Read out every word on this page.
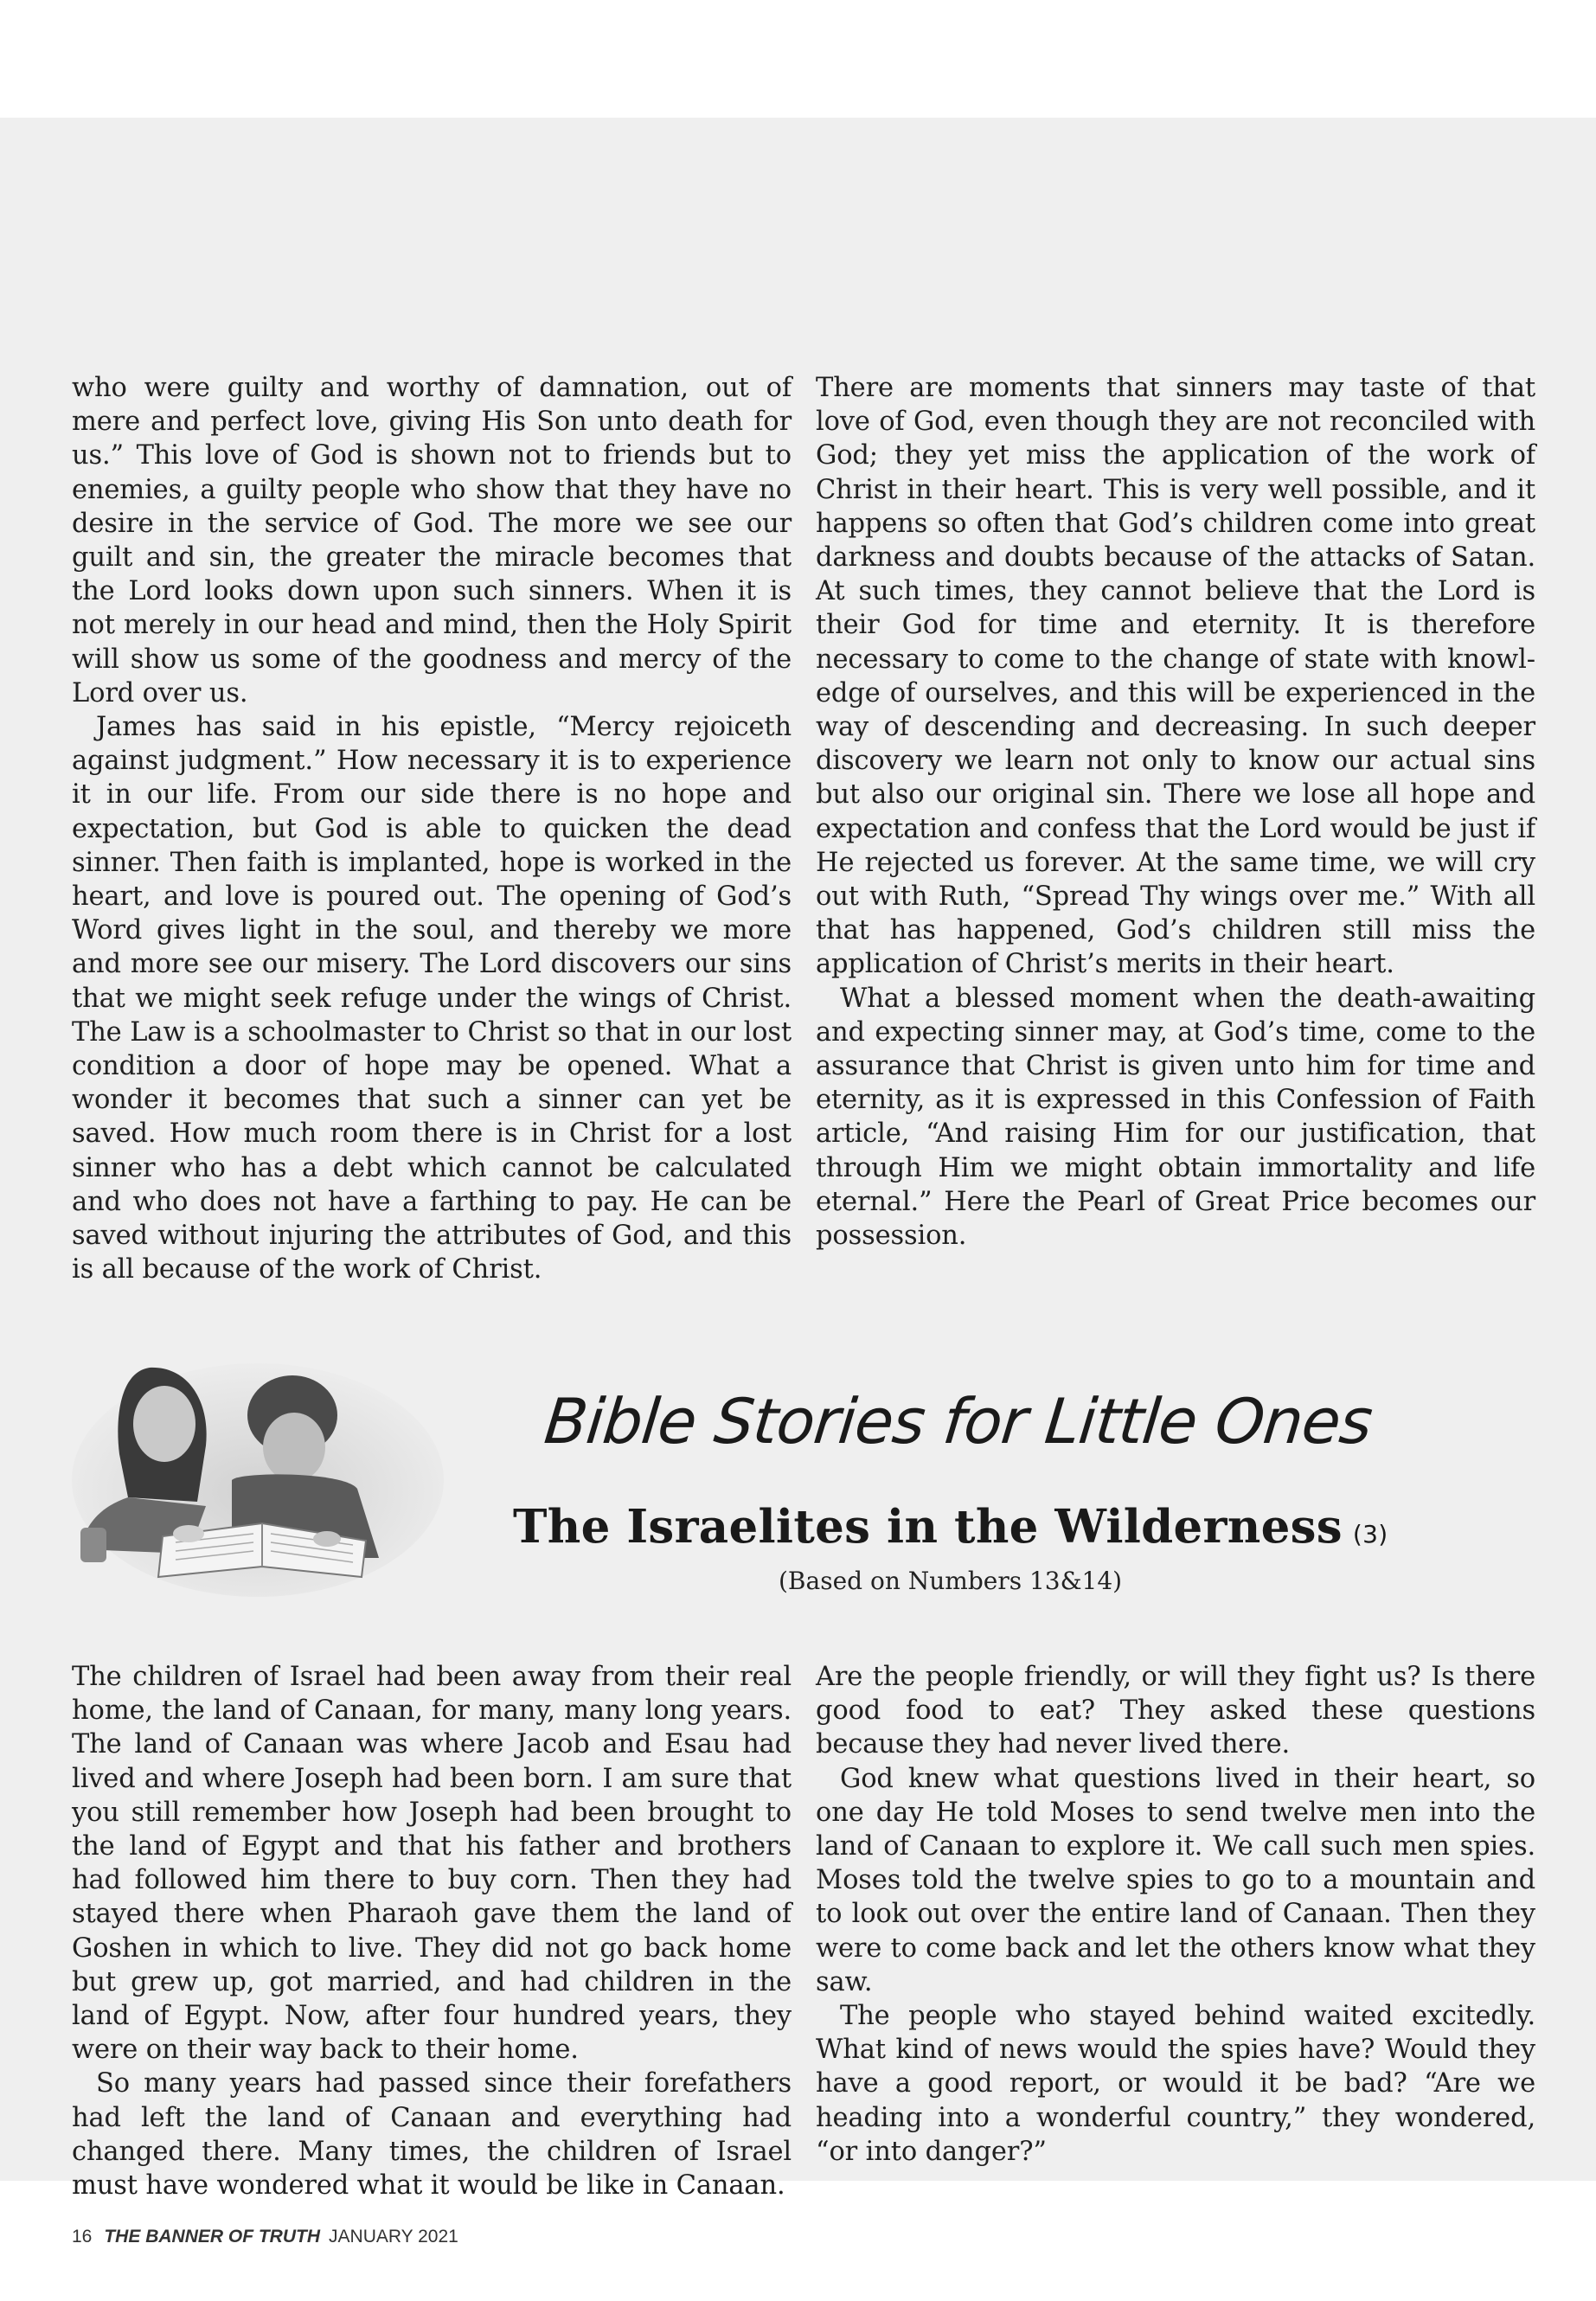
who were guilty and worthy of damnation, out of mere and perfect love, giving His Son unto death for us.” This love of God is shown not to friends but to enemies, a guilty people who show that they have no desire in the service of God. The more we see our guilt and sin, the greater the miracle becomes that the Lord looks down upon such sinners. When it is not merely in our head and mind, then the Holy Spirit will show us some of the goodness and mercy of the Lord over us.

James has said in his epistle, “Mercy rejoiceth against judgment.” How necessary it is to experience it in our life. From our side there is no hope and expectation, but God is able to quicken the dead sinner. Then faith is implanted, hope is worked in the heart, and love is poured out. The opening of God’s Word gives light in the soul, and thereby we more and more see our misery. The Lord discovers our sins that we might seek refuge under the wings of Christ. The Law is a schoolmaster to Christ so that in our lost condition a door of hope may be opened. What a wonder it becomes that such a sinner can yet be saved. How much room there is in Christ for a lost sinner who has a debt which cannot be calculated and who does not have a farthing to pay. He can be saved without injuring the attributes of God, and this is all because of the work of Christ.

There are moments that sinners may taste of that love of God, even though they are not reconciled with God; they yet miss the application of the work of Christ in their heart. This is very well possible, and it happens so often that God’s children come into great darkness and doubts because of the attacks of Satan. At such times, they cannot believe that the Lord is their God for time and eternity. It is therefore necessary to come to the change of state with knowledge of ourselves, and this will be experienced in the way of descending and decreasing. In such deeper discovery we learn not only to know our actual sins but also our original sin. There we lose all hope and expectation and confess that the Lord would be just if He rejected us forever. At the same time, we will cry out with Ruth, “Spread Thy wings over me.” With all that has happened, God’s children still miss the application of Christ’s merits in their heart.

What a blessed moment when the death-awaiting and expecting sinner may, at God’s time, come to the assurance that Christ is given unto him for time and eternity, as it is expressed in this Confession of Faith article, “And raising Him for our justification, that through Him we might obtain immortality and life eternal.” Here the Pearl of Great Price becomes our possession.

Bible Stories for Little Ones
The Israelites in the Wilderness (3)
(Based on Numbers 13&14)

The children of Israel had been away from their real home, the land of Canaan, for many, many long years. The land of Canaan was where Jacob and Esau had lived and where Joseph had been born. I am sure that you still remember how Joseph had been brought to the land of Egypt and that his father and brothers had followed him there to buy corn. Then they had stayed there when Pharaoh gave them the land of Goshen in which to live. They did not go back home but grew up, got married, and had children in the land of Egypt. Now, after four hundred years, they were on their way back to their home.

So many years had passed since their forefathers had left the land of Canaan and everything had changed there. Many times, the children of Israel must have wondered what it would be like in Canaan.

Are the people friendly, or will they fight us? Is there good food to eat? They asked these questions because they had never lived there.

God knew what questions lived in their heart, so one day He told Moses to send twelve men into the land of Canaan to explore it. We call such men spies. Moses told the twelve spies to go to a mountain and to look out over the entire land of Canaan. Then they were to come back and let the others know what they saw.

The people who stayed behind waited excitedly. What kind of news would the spies have? Would they have a good report, or would it be bad? “Are we heading into a wonderful country,” they wondered, “or into danger?”

16 THE BANNER OF TRUTH JANUARY 2021
